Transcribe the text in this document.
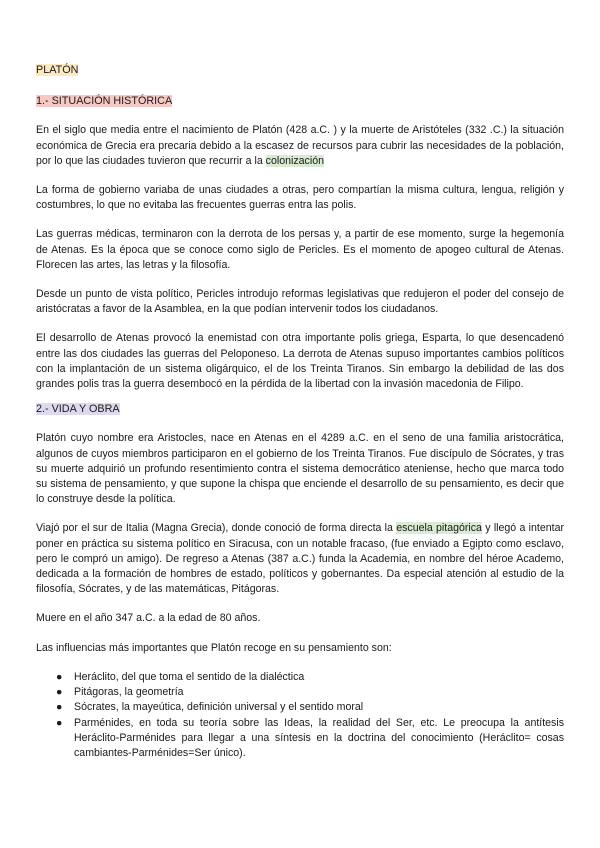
PLATÓN
1.- SITUACIÓN HISTÓRICA

En el siglo que media entre el nacimiento de Platón (428 a.C. ) y la muerte de Aristóteles (332 .C.) la situación económica de Grecia era precaria debido a la escasez de recursos para cubrir las necesidades de la población, por lo que las ciudades tuvieron que recurrir a la colonización

La forma de gobierno variaba de unas ciudades a otras, pero compartían la misma cultura, lengua, religión y costumbres, lo que no evitaba las frecuentes guerras entra las polis.

Las guerras médicas, terminaron con la derrota de los persas y, a partir de ese momento, surge la hegemonía de Atenas. Es la época que se conoce como siglo de Pericles. Es el momento de apogeo cultural de Atenas. Florecen las artes, las letras y la filosofía.

Desde un punto de vista político, Pericles introdujo reformas legislativas que redujeron el poder del consejo de aristócratas a favor de la Asamblea, en la que podían intervenir todos los ciudadanos.

El desarrollo de Atenas provocó la enemistad con otra importante polis griega, Esparta, lo que desencadenó entre las dos ciudades las guerras del Peloponeso. La derrota de Atenas supuso importantes cambios políticos con la implantación de un sistema oligárquico, el de los Treinta Tiranos. Sin embargo la debilidad de las dos grandes polis tras la guerra desembocó en la pérdida de la libertad con la invasión macedonia de Filipo.

2.- VIDA Y OBRA

Platón cuyo nombre era Aristocles, nace en Atenas en el 4289 a.C. en el seno de una familia aristocrática, algunos de cuyos miembros participaron en el gobierno de los Treinta Tiranos. Fue discípulo de Sócrates, y tras su muerte adquirió un profundo resentimiento contra el sistema democrático ateniense, hecho que marca todo su sistema de pensamiento, y que supone la chispa que enciende el desarrollo de su pensamiento, es decir que lo construye desde la política.

Viajó por el sur de Italia (Magna Grecia), donde conoció de forma directa la escuela pitagórica y llegó a intentar poner en práctica su sistema político en Siracusa, con un notable fracaso, (fue enviado a Egipto como esclavo, pero le compró un amigo). De regreso a Atenas (387 a.C.) funda la Academia, en nombre del héroe Academo, dedicada a la formación de hombres de estado, políticos y gobernantes. Da especial atención al estudio de la filosofía, Sócrates, y de las matemáticas, Pitágoras.

Muere en el año 347 a.C. a la edad de 80 años.

Las influencias más importantes que Platón recoge en su pensamiento son:

● Heráclito, del que toma el sentido de la dialéctica
● Pitágoras, la geometría
● Sócrates, la mayeútica, definición universal y el sentido moral
● Parménides, en toda su teoría sobre las Ideas, la realidad del Ser, etc. Le preocupa la antítesis Heráclito-Parménides para llegar a una síntesis en la doctrina del conocimiento (Heráclito= cosas cambiantes-Parménides=Ser único).
